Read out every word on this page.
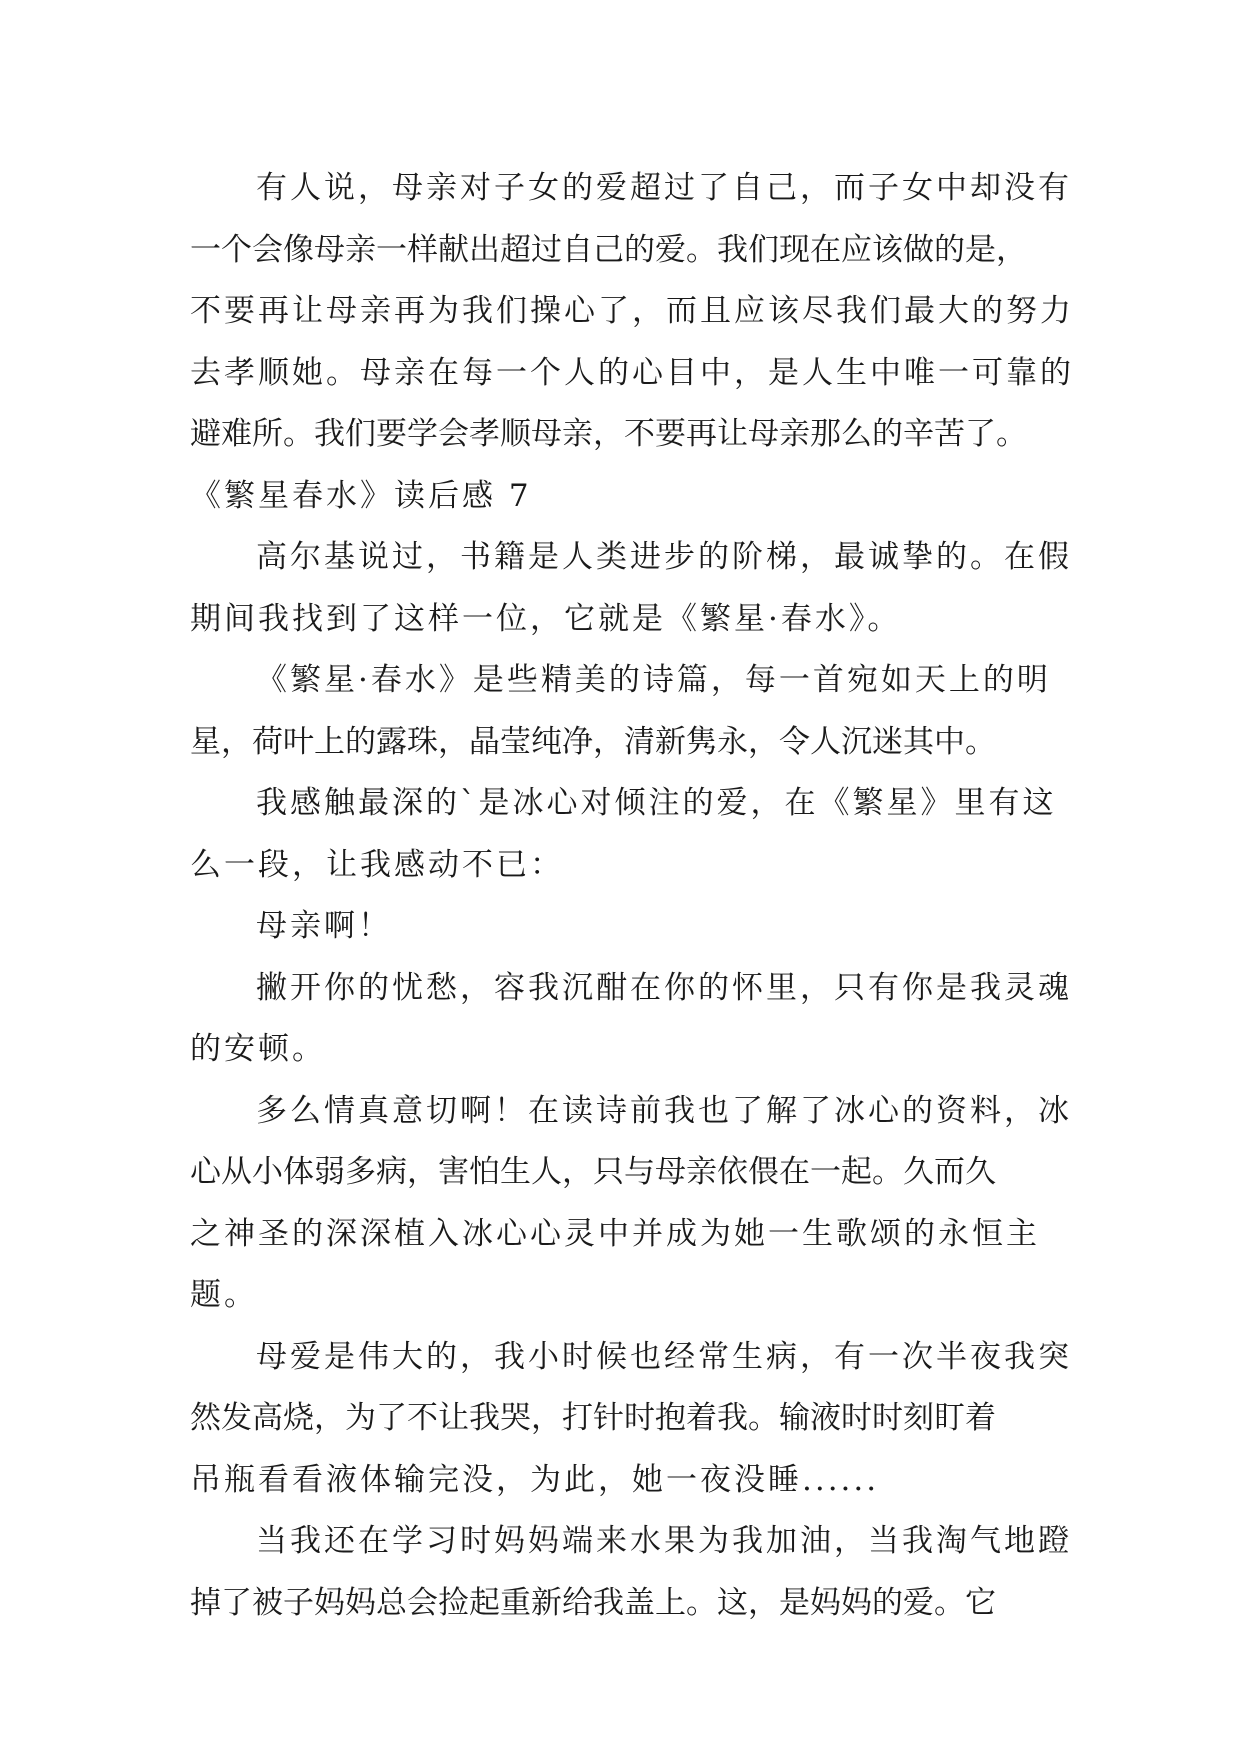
有人说，母亲对子女的爱超过了自己，而子女中却没有
一个会像母亲一样献出超过自己的爱。我们现在应该做的是，
不要再让母亲再为我们操心了，而且应该尽我们最大的努力
去孝顺她。母亲在每一个人的心目中，是人生中唯一可靠的
避难所。我们要学会孝顺母亲，不要再让母亲那么的辛苦了。
《繁星春水》读后感 7
高尔基说过，书籍是人类进步的阶梯，最诚挚的。在假
期间我找到了这样一位，它就是《繁星·春水》。
《繁星·春水》是些精美的诗篇，每一首宛如天上的明
星，荷叶上的露珠，晶莹纯净，清新隽永，令人沉迷其中。
我感触最深的`是冰心对倾注的爱，在《繁星》里有这
么一段，让我感动不已：
母亲啊！
撇开你的忧愁，容我沉酣在你的怀里，只有你是我灵魂
的安顿。
多么情真意切啊！在读诗前我也了解了冰心的资料，冰
心从小体弱多病，害怕生人，只与母亲依偎在一起。久而久
之神圣的深深植入冰心心灵中并成为她一生歌颂的永恒主
题。
母爱是伟大的，我小时候也经常生病，有一次半夜我突
然发高烧，为了不让我哭，打针时抱着我。输液时时刻盯着
吊瓶看看液体输完没，为此，她一夜没睡......
当我还在学习时妈妈端来水果为我加油，当我淘气地蹬
掉了被子妈妈总会捡起重新给我盖上。这，是妈妈的爱。它
